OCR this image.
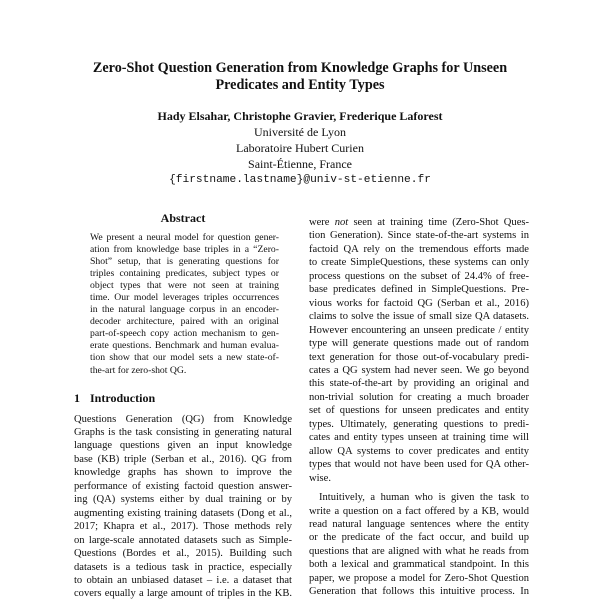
Zero-Shot Question Generation from Knowledge Graphs for Unseen
Predicates and Entity Types
Hady Elsahar, Christophe Gravier, Frederique Laforest
Université de Lyon
Laboratoire Hubert Curien
Saint-Étienne, France
{firstname.lastname}@univ-st-etienne.fr
Abstract
We present a neural model for question gener-
ation from knowledge base triples in a “Zero-
Shot” setup, that is generating questions for
triples containing predicates, subject types or
object types that were not seen at training
time. Our model leverages triples occurrences
in the natural language corpus in an encoder-
decoder architecture, paired with an original
part-of-speech copy action mechanism to gen-
erate questions. Benchmark and human evalua-
tion show that our model sets a new state-of-
the-art for zero-shot QG.
1 Introduction
Questions Generation (QG) from Knowledge
Graphs is the task consisting in generating natural
language questions given an input knowledge
base (KB) triple (Serban et al., 2016). QG from
knowledge graphs has shown to improve the
performance of existing factoid question answer-
ing (QA) systems either by dual training or by
augmenting existing training datasets (Dong et al.,
2017; Khapra et al., 2017). Those methods rely
on large-scale annotated datasets such as Simple-
Questions (Bordes et al., 2015). Building such
datasets is a tedious task in practice, especially
to obtain an unbiased dataset – i.e. a dataset that
covers equally a large amount of triples in the KB.
were not seen at training time (Zero-Shot Ques-
tion Generation). Since state-of-the-art systems in
factoid QA rely on the tremendous efforts made
to create SimpleQuestions, these systems can only
process questions on the subset of 24.4% of free-
base predicates defined in SimpleQuestions. Pre-
vious works for factoid QG (Serban et al., 2016)
claims to solve the issue of small size QA datasets.
However encountering an unseen predicate / entity
type will generate questions made out of random
text generation for those out-of-vocabulary predi-
cates a QG system had never seen. We go beyond
this state-of-the-art by providing an original and
non-trivial solution for creating a much broader
set of questions for unseen predicates and entity
types. Ultimately, generating questions to predi-
cates and entity types unseen at training time will
allow QA systems to cover predicates and entity
types that would not have been used for QA other-
wise.
Intuitively, a human who is given the task to
write a question on a fact offered by a KB, would
read natural language sentences where the entity
or the predicate of the fact occur, and build up
questions that are aligned with what he reads from
both a lexical and grammatical standpoint. In this
paper, we propose a model for Zero-Shot Question
Generation that follows this intuitive process. In
